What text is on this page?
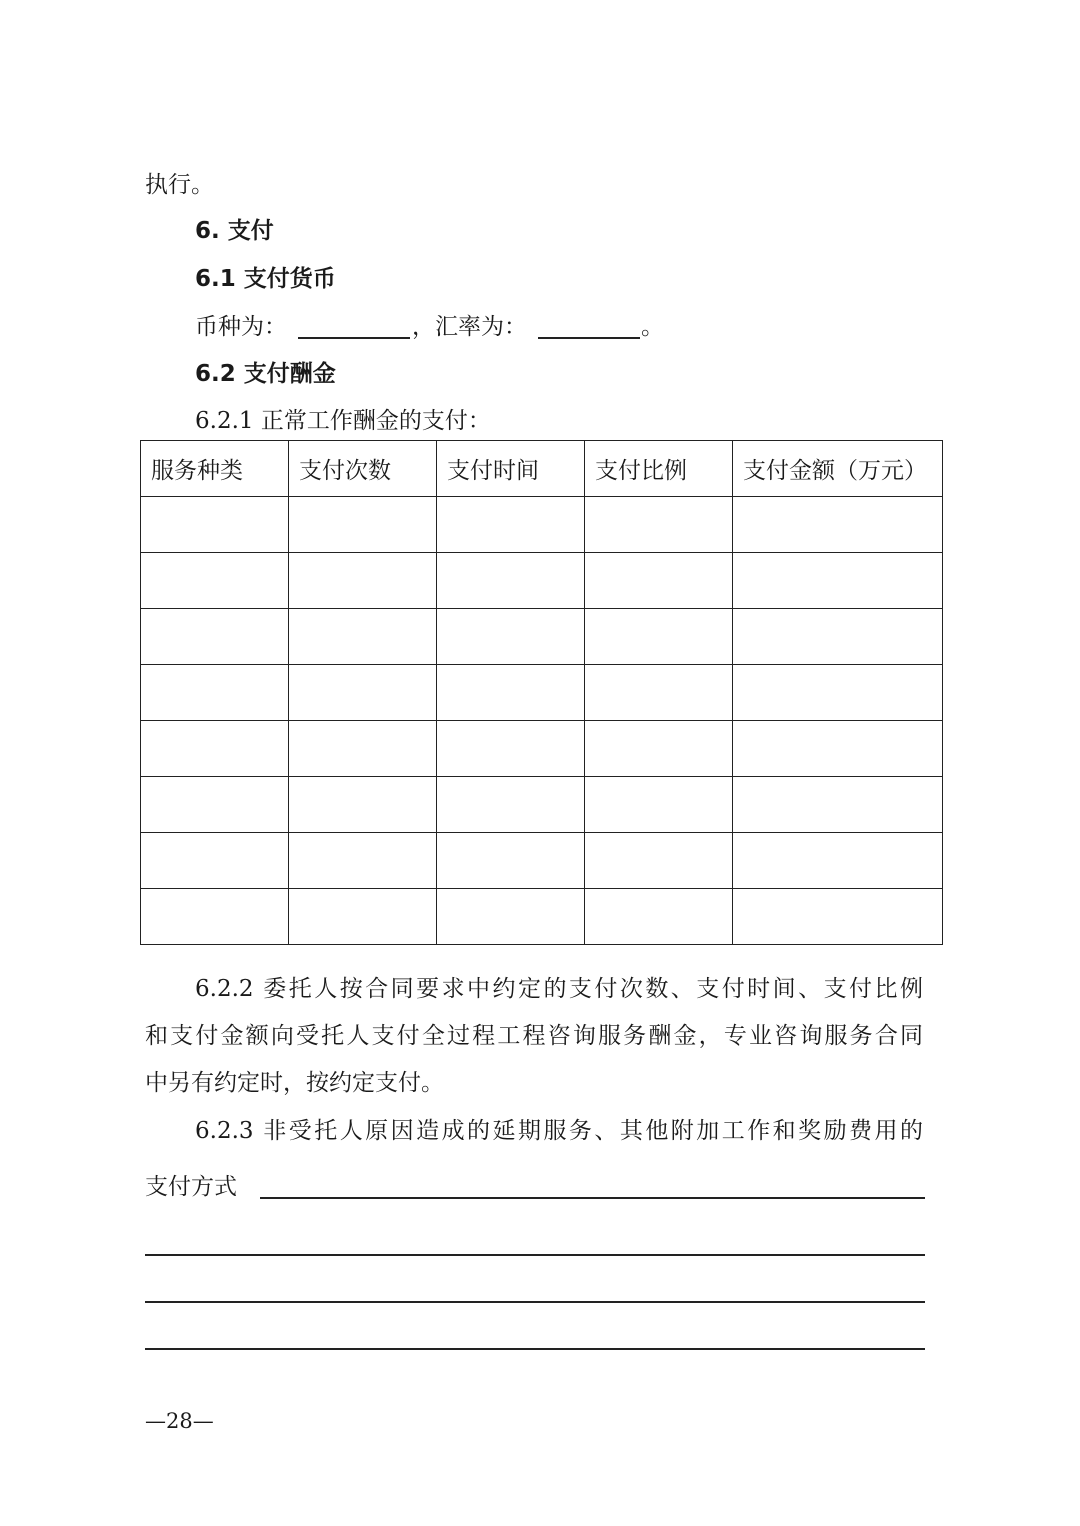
执行。
6. 支付
6.1 支付货币
币种为：	，汇率为：	。
6.2 支付酬金
6.2.1 正常工作酬金的支付：
服务种类	支付次数	支付时间	支付比例	支付金额（万元）

6.2.2 委托人按合同要求中约定的支付次数、支付时间、支付比例
和支付金额向受托人支付全过程工程咨询服务酬金，专业咨询服务合同
中另有约定时，按约定支付。
6.2.3 非受托人原因造成的延期服务、其他附加工作和奖励费用的
支付方式
—28—
